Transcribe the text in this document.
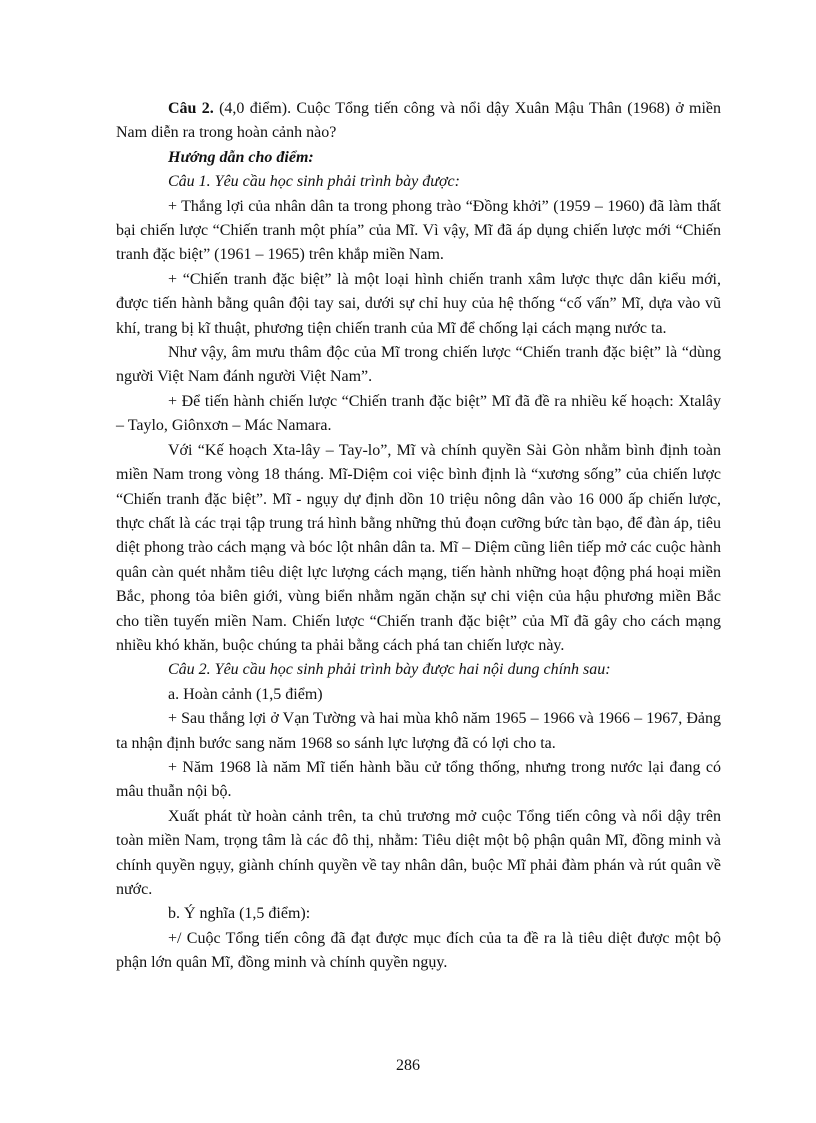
Câu 2. (4,0 điểm). Cuộc Tổng tiến công và nổi dậy Xuân Mậu Thân (1968) ở miền Nam diễn ra trong hoàn cảnh nào?

Hướng dẫn cho điểm:

Câu 1. Yêu cầu học sinh phải trình bày được:

+ Thắng lợi của nhân dân ta trong phong trào “Đồng khởi” (1959 – 1960) đã làm thất bại chiến lược “Chiến tranh một phía” của Mĩ. Vì vậy, Mĩ đã áp dụng chiến lược mới “Chiến tranh đặc biệt” (1961 – 1965) trên khắp miền Nam.

+ “Chiến tranh đặc biệt” là một loại hình chiến tranh xâm lược thực dân kiểu mới, được tiến hành bằng quân đội tay sai, dưới sự chỉ huy của hệ thống “cố vấn” Mĩ, dựa vào vũ khí, trang bị kĩ thuật, phương tiện chiến tranh của Mĩ để chống lại cách mạng nước ta.

Như vậy, âm mưu thâm độc của Mĩ trong chiến lược “Chiến tranh đặc biệt” là “dùng người Việt Nam đánh người Việt Nam”.

+ Để tiến hành chiến lược “Chiến tranh đặc biệt” Mĩ đã đề ra nhiều kế hoạch: Xtalây – Taylo, Giônxơn – Mác Namara.

Với “Kế hoạch Xta-lây – Tay-lo”, Mĩ và chính quyền Sài Gòn nhằm bình định toàn miền Nam trong vòng 18 tháng. Mĩ-Diệm coi việc bình định là “xương sống” của chiến lược “Chiến tranh đặc biệt”. Mĩ - ngụy dự định dồn 10 triệu nông dân vào 16 000 ấp chiến lược, thực chất là các trại tập trung trá hình bằng những thủ đoạn cưỡng bức tàn bạo, để đàn áp, tiêu diệt phong trào cách mạng và bóc lột nhân dân ta. Mĩ – Diệm cũng liên tiếp mở các cuộc hành quân càn quét nhằm tiêu diệt lực lượng cách mạng, tiến hành những hoạt động phá hoại miền Bắc, phong tỏa biên giới, vùng biển nhằm ngăn chặn sự chi viện của hậu phương miền Bắc cho tiền tuyến miền Nam. Chiến lược “Chiến tranh đặc biệt” của Mĩ đã gây cho cách mạng nhiều khó khăn, buộc chúng ta phải bằng cách phá tan chiến lược này.

Câu 2. Yêu cầu học sinh phải trình bày được hai nội dung chính sau:

a. Hoàn cảnh (1,5 điểm)

+ Sau thắng lợi ở Vạn Tường và hai mùa khô năm 1965 – 1966 và 1966 – 1967, Đảng ta nhận định bước sang năm 1968 so sánh lực lượng đã có lợi cho ta.

+ Năm 1968 là năm Mĩ tiến hành bầu cử tổng thống, nhưng trong nước lại đang có mâu thuẫn nội bộ.

Xuất phát từ hoàn cảnh trên, ta chủ trương mở cuộc Tổng tiến công và nổi dậy trên toàn miền Nam, trọng tâm là các đô thị, nhằm: Tiêu diệt một bộ phận quân Mĩ, đồng minh và chính quyền ngụy, giành chính quyền về tay nhân dân, buộc Mĩ phải đàm phán và rút quân về nước.

b. Ý nghĩa (1,5 điểm):

+/ Cuộc Tổng tiến công đã đạt được mục đích của ta đề ra là tiêu diệt được một bộ phận lớn quân Mĩ, đồng minh và chính quyền ngụy.

286
